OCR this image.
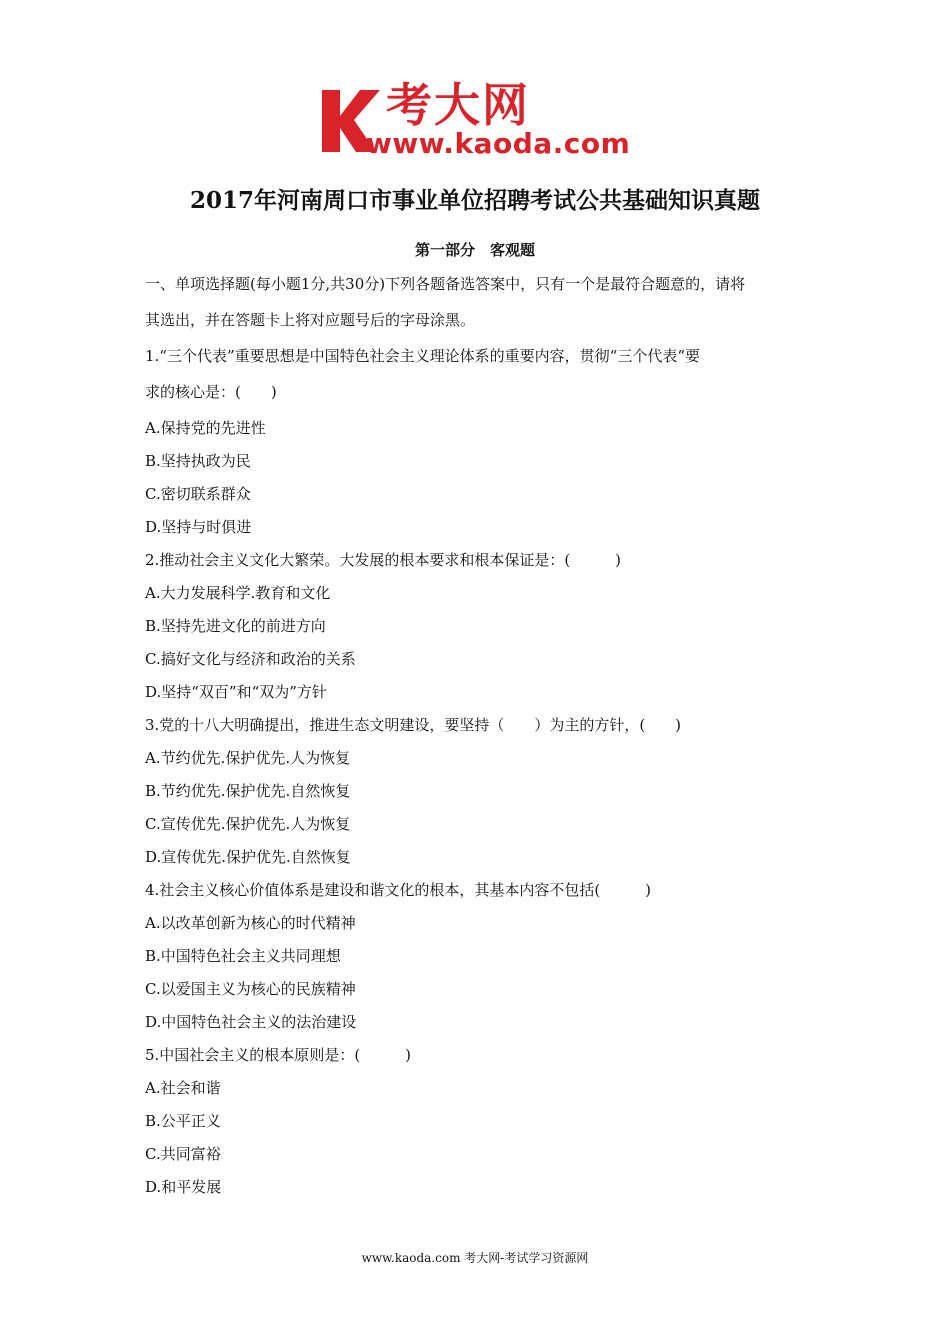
考大网
www.kaoda.com
2017年河南周口市事业单位招聘考试公共基础知识真题
第一部分　客观题
一、单项选择题(每小题1分,共30分)下列各题备选答案中，只有一个是最符合题意的，请将
其选出，并在答题卡上将对应题号后的字母涂黑。
1.“三个代表”重要思想是中国特色社会主义理论体系的重要内容，贯彻“三个代表“要
求的核心是：(　　)
A.保持党的先进性
B.坚持执政为民
C.密切联系群众
D.坚持与时俱进
2.推动社会主义文化大繁荣。大发展的根本要求和根本保证是：(　　　)
A.大力发展科学.教育和文化
B.坚持先进文化的前进方向
C.搞好文化与经济和政治的关系
D.坚持“双百”和“双为”方针
3.党的十八大明确提出，推进生态文明建设，要坚持（　　）为主的方针，(　　)
A.节约优先.保护优先.人为恢复
B.节约优先.保护优先.自然恢复
C.宣传优先.保护优先.人为恢复
D.宣传优先.保护优先.自然恢复
4.社会主义核心价值体系是建设和谐文化的根本，其基本内容不包括(　　　)
A.以改革创新为核心的时代精神
B.中国特色社会主义共同理想
C.以爱国主义为核心的民族精神
D.中国特色社会主义的法治建设
5.中国社会主义的根本原则是：(　　　)
A.社会和谐
B.公平正义
C.共同富裕
D.和平发展
www.kaoda.com 考大网-考试学习资源网
